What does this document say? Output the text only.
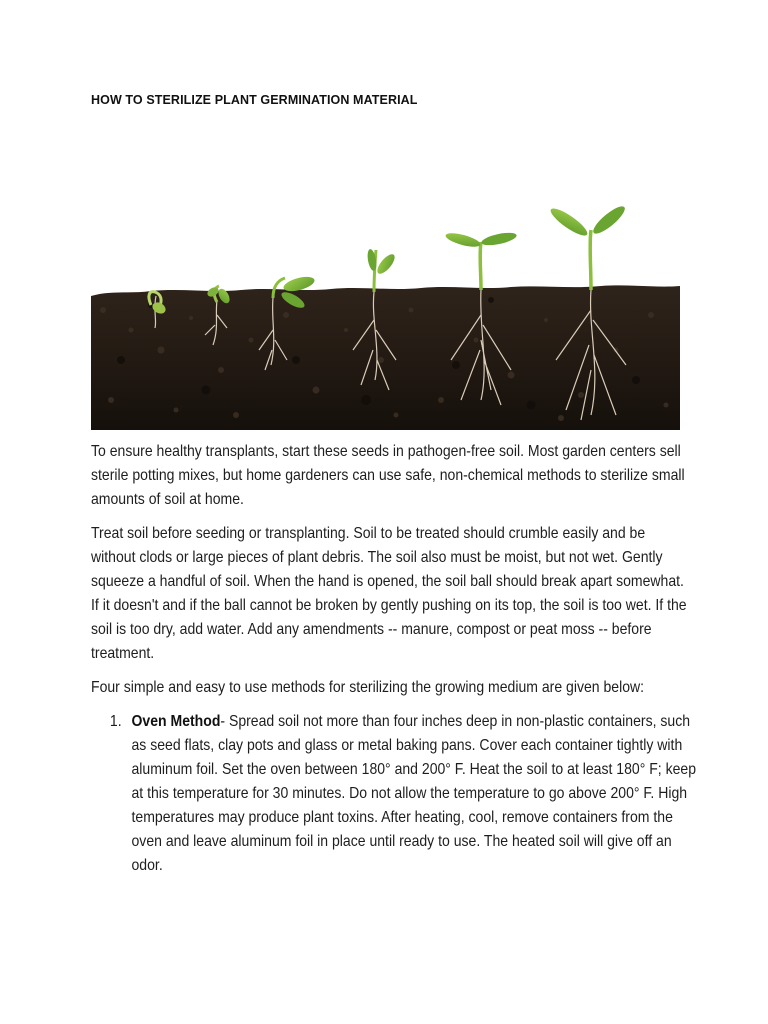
HOW TO STERILIZE PLANT GERMINATION MATERIAL

To ensure healthy transplants, start these seeds in pathogen-free soil. Most garden centers sell sterile potting mixes, but home gardeners can use safe, non-chemical methods to sterilize small amounts of soil at home.

Treat soil before seeding or transplanting. Soil to be treated should crumble easily and be without clods or large pieces of plant debris. The soil also must be moist, but not wet. Gently squeeze a handful of soil. When the hand is opened, the soil ball should break apart somewhat. If it doesn't and if the ball cannot be broken by gently pushing on its top, the soil is too wet. If the soil is too dry, add water. Add any amendments -- manure, compost or peat moss -- before treatment.

Four simple and easy to use methods for sterilizing the growing medium are given below:

1. Oven Method- Spread soil not more than four inches deep in non-plastic containers, such as seed flats, clay pots and glass or metal baking pans. Cover each container tightly with aluminum foil. Set the oven between 180° and 200° F. Heat the soil to at least 180° F; keep at this temperature for 30 minutes. Do not allow the temperature to go above 200° F. High temperatures may produce plant toxins. After heating, cool, remove containers from the oven and leave aluminum foil in place until ready to use. The heated soil will give off an odor.
